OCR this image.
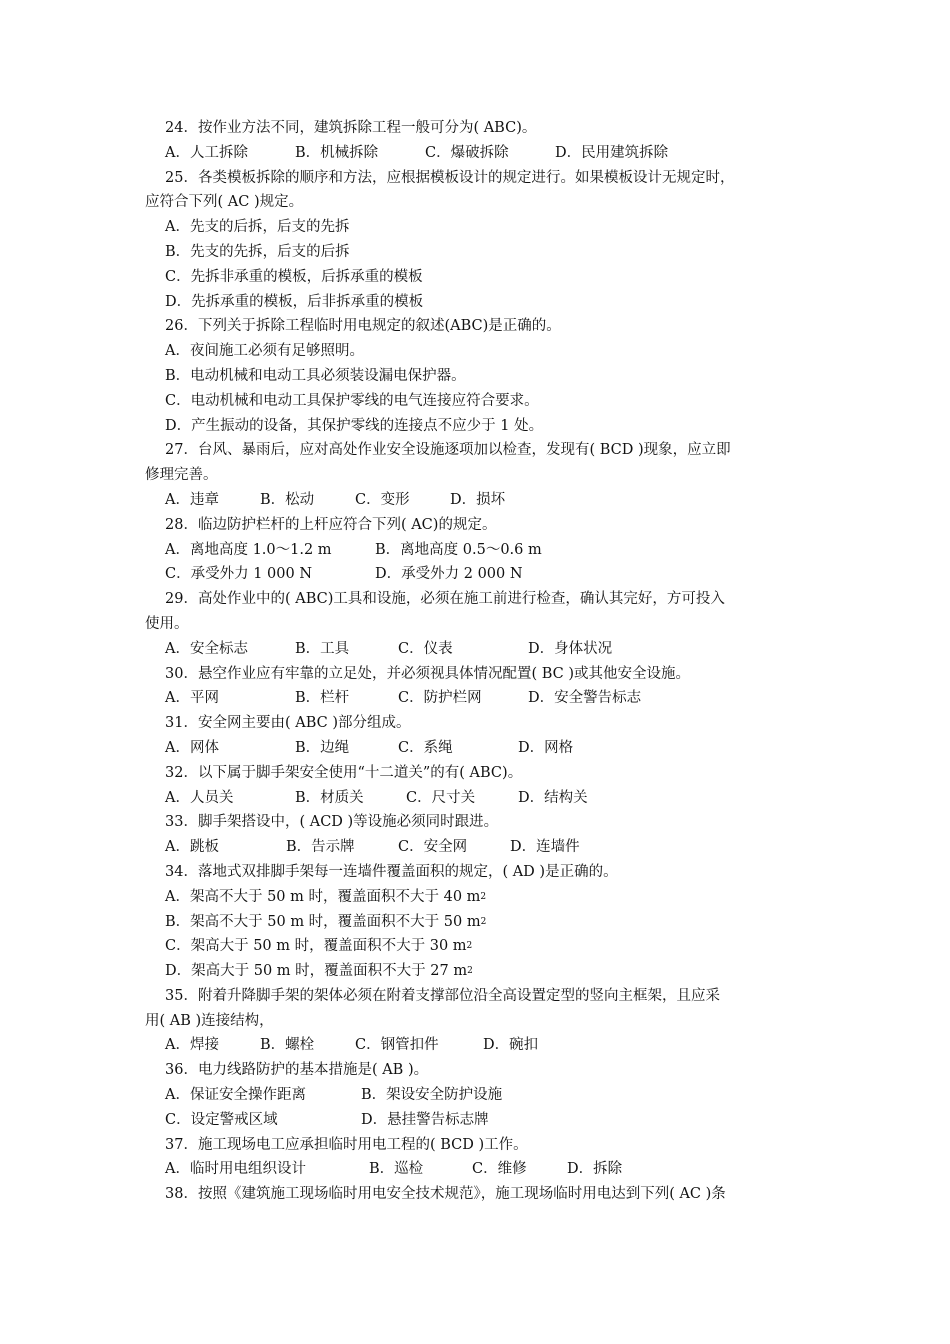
24．按作业方法不同，建筑拆除工程一般可分为( ABC)。
A．人工拆除	B．机械拆除	C．爆破拆除	D．民用建筑拆除
25．各类模板拆除的顺序和方法，应根据模板设计的规定进行。如果模板设计无规定时，
应符合下列( AC )规定。
A．先支的后拆，后支的先拆
B．先支的先拆，后支的后拆
C．先拆非承重的模板，后拆承重的模板
D．先拆承重的模板，后非拆承重的模板
26．下列关于拆除工程临时用电规定的叙述(ABC)是正确的。
A．夜间施工必须有足够照明。
B．电动机械和电动工具必须装设漏电保护器。
C．电动机械和电动工具保护零线的电气连接应符合要求。
D．产生振动的设备，其保护零线的连接点不应少于 1 处。
27．台风、暴雨后，应对高处作业安全设施逐项加以检查，发现有( BCD )现象，应立即
修理完善。
A．违章	B．松动	C．变形	D．损坏
28．临边防护栏杆的上杆应符合下列( AC)的规定。
A．离地高度 1.0～1.2 m	B．离地高度 0.5～0.6 m
C．承受外力 1 000 N	D．承受外力 2 000 N
29．高处作业中的( ABC)工具和设施，必须在施工前进行检查，确认其完好，方可投入
使用。
A．安全标志	B．工具	C．仪表	D．身体状况
30．悬空作业应有牢靠的立足处，并必须视具体情况配置( BC )或其他安全设施。
A．平网	B．栏杆	C．防护栏网	D．安全警告标志
31．安全网主要由( ABC )部分组成。
A．网体	B．边绳	C．系绳	D．网格
32．以下属于脚手架安全使用“十二道关”的有( ABC)。
A．人员关	B．材质关	C．尺寸关	D．结构关
33．脚手架搭设中，( ACD )等设施必须同时跟进。
A．跳板	B．告示牌	C．安全网	D．连墙件
34．落地式双排脚手架每一连墙件覆盖面积的规定，( AD )是正确的。
A．架高不大于 50 m 时，覆盖面积不大于 40 $m^2$
B．架高不大于 50 m 时，覆盖面积不大于 50 $m^2$
C．架高大于 50 m 时，覆盖面积不大于 30 $m^2$
D．架高大于 50 m 时，覆盖面积不大于 27 $m^2$
35．附着升降脚手架的架体必须在附着支撑部位沿全高设置定型的竖向主框架，且应采
用( AB )连接结构，
A．焊接	B．螺栓	C．钢管扣件	D．碗扣
36．电力线路防护的基本措施是( AB )。
A．保证安全操作距离	B．架设安全防护设施
C．设定警戒区域	D．悬挂警告标志牌
37．施工现场电工应承担临时用电工程的( BCD )工作。
A．临时用电组织设计	B．巡检	C．维修	D．拆除
38．按照《建筑施工现场临时用电安全技术规范》，施工现场临时用电达到下列( AC )条
